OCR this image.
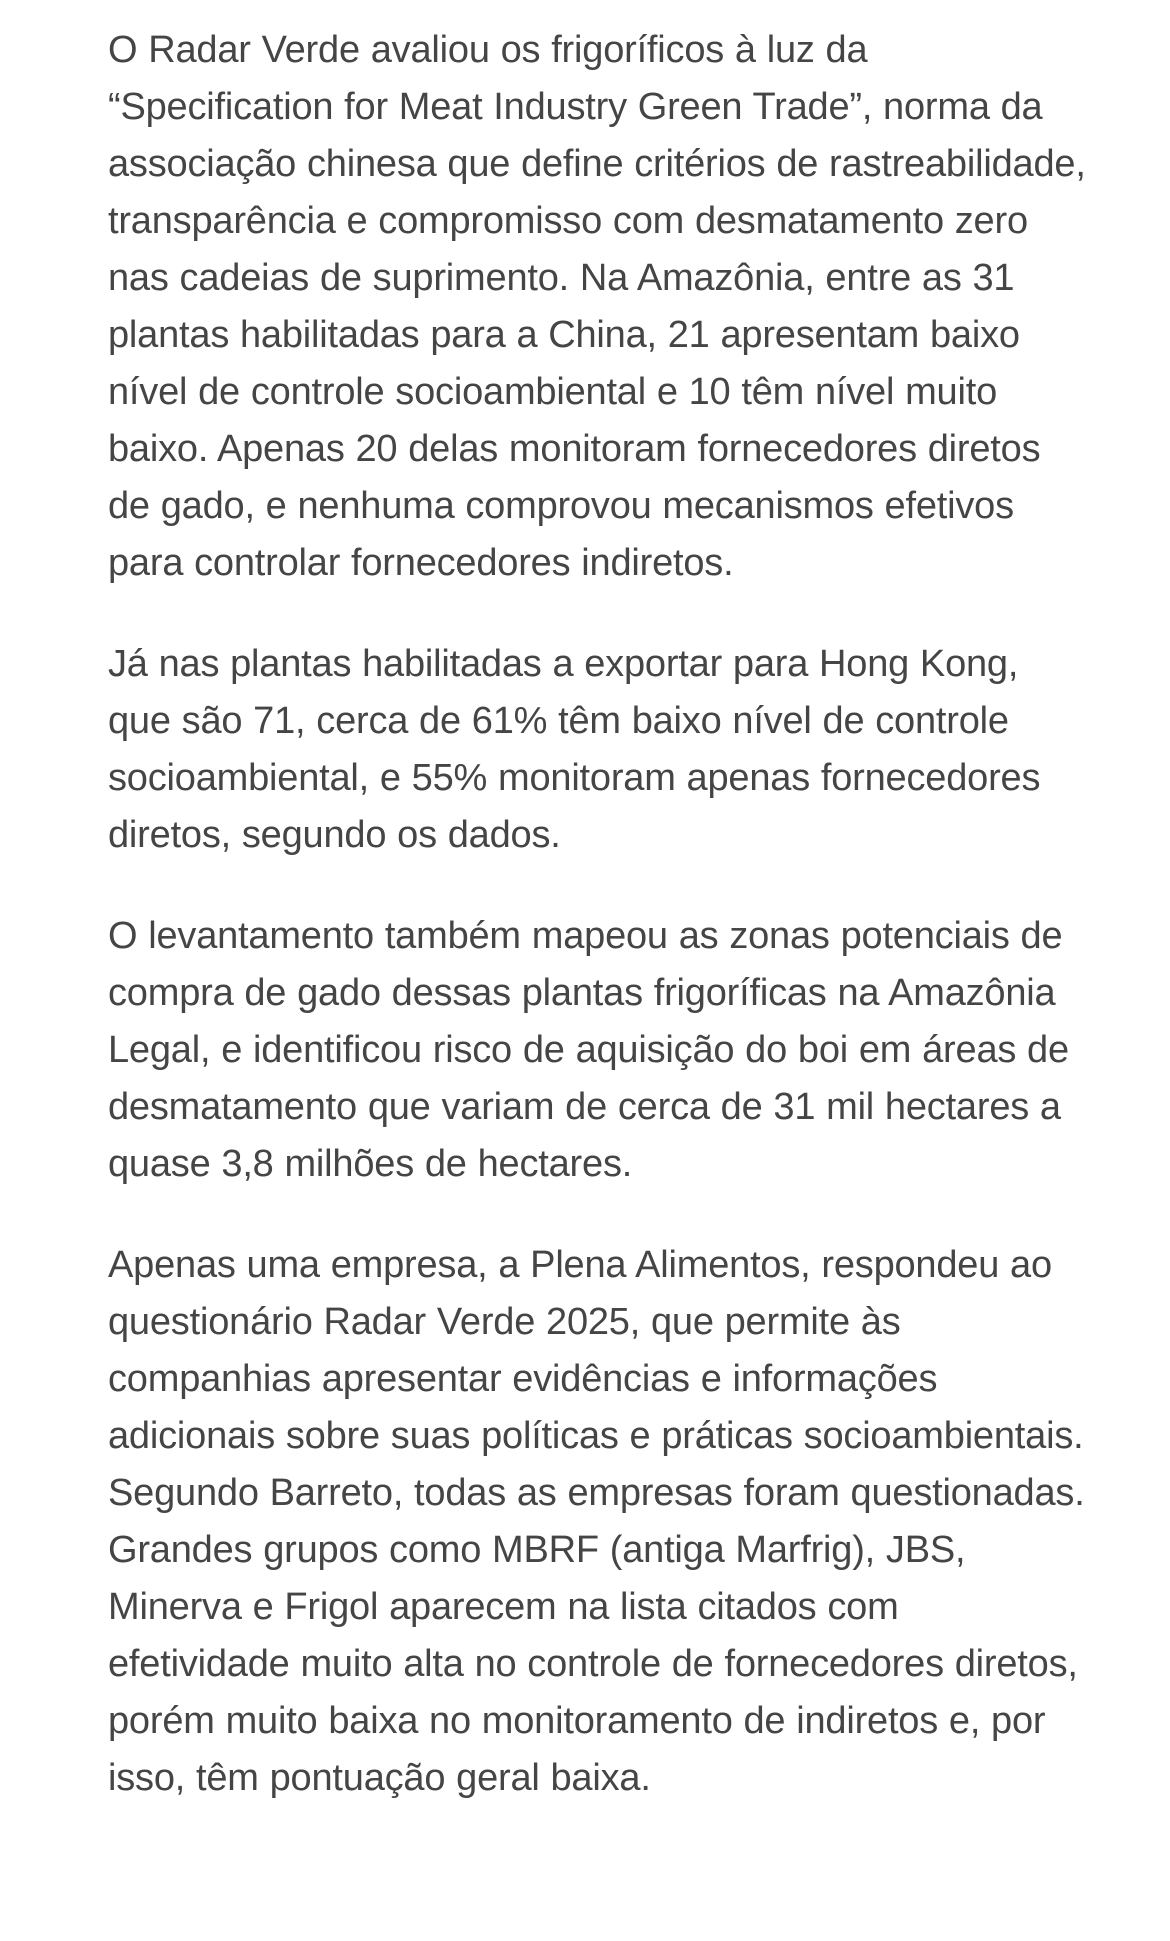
O Radar Verde avaliou os frigoríficos à luz da “Specification for Meat Industry Green Trade”, norma da associação chinesa que define critérios de rastreabilidade, transparência e compromisso com desmatamento zero nas cadeias de suprimento. Na Amazônia, entre as 31 plantas habilitadas para a China, 21 apresentam baixo nível de controle socioambiental e 10 têm nível muito baixo. Apenas 20 delas monitoram fornecedores diretos de gado, e nenhuma comprovou mecanismos efetivos para controlar fornecedores indiretos.

Já nas plantas habilitadas a exportar para Hong Kong, que são 71, cerca de 61% têm baixo nível de controle socioambiental, e 55% monitoram apenas fornecedores diretos, segundo os dados.

O levantamento também mapeou as zonas potenciais de compra de gado dessas plantas frigoríficas na Amazônia Legal, e identificou risco de aquisição do boi em áreas de desmatamento que variam de cerca de 31 mil hectares a quase 3,8 milhões de hectares.

Apenas uma empresa, a Plena Alimentos, respondeu ao questionário Radar Verde 2025, que permite às companhias apresentar evidências e informações adicionais sobre suas políticas e práticas socioambientais. Segundo Barreto, todas as empresas foram questionadas. Grandes grupos como MBRF (antiga Marfrig), JBS, Minerva e Frigol aparecem na lista citados com efetividade muito alta no controle de fornecedores diretos, porém muito baixa no monitoramento de indiretos e, por isso, têm pontuação geral baixa.
